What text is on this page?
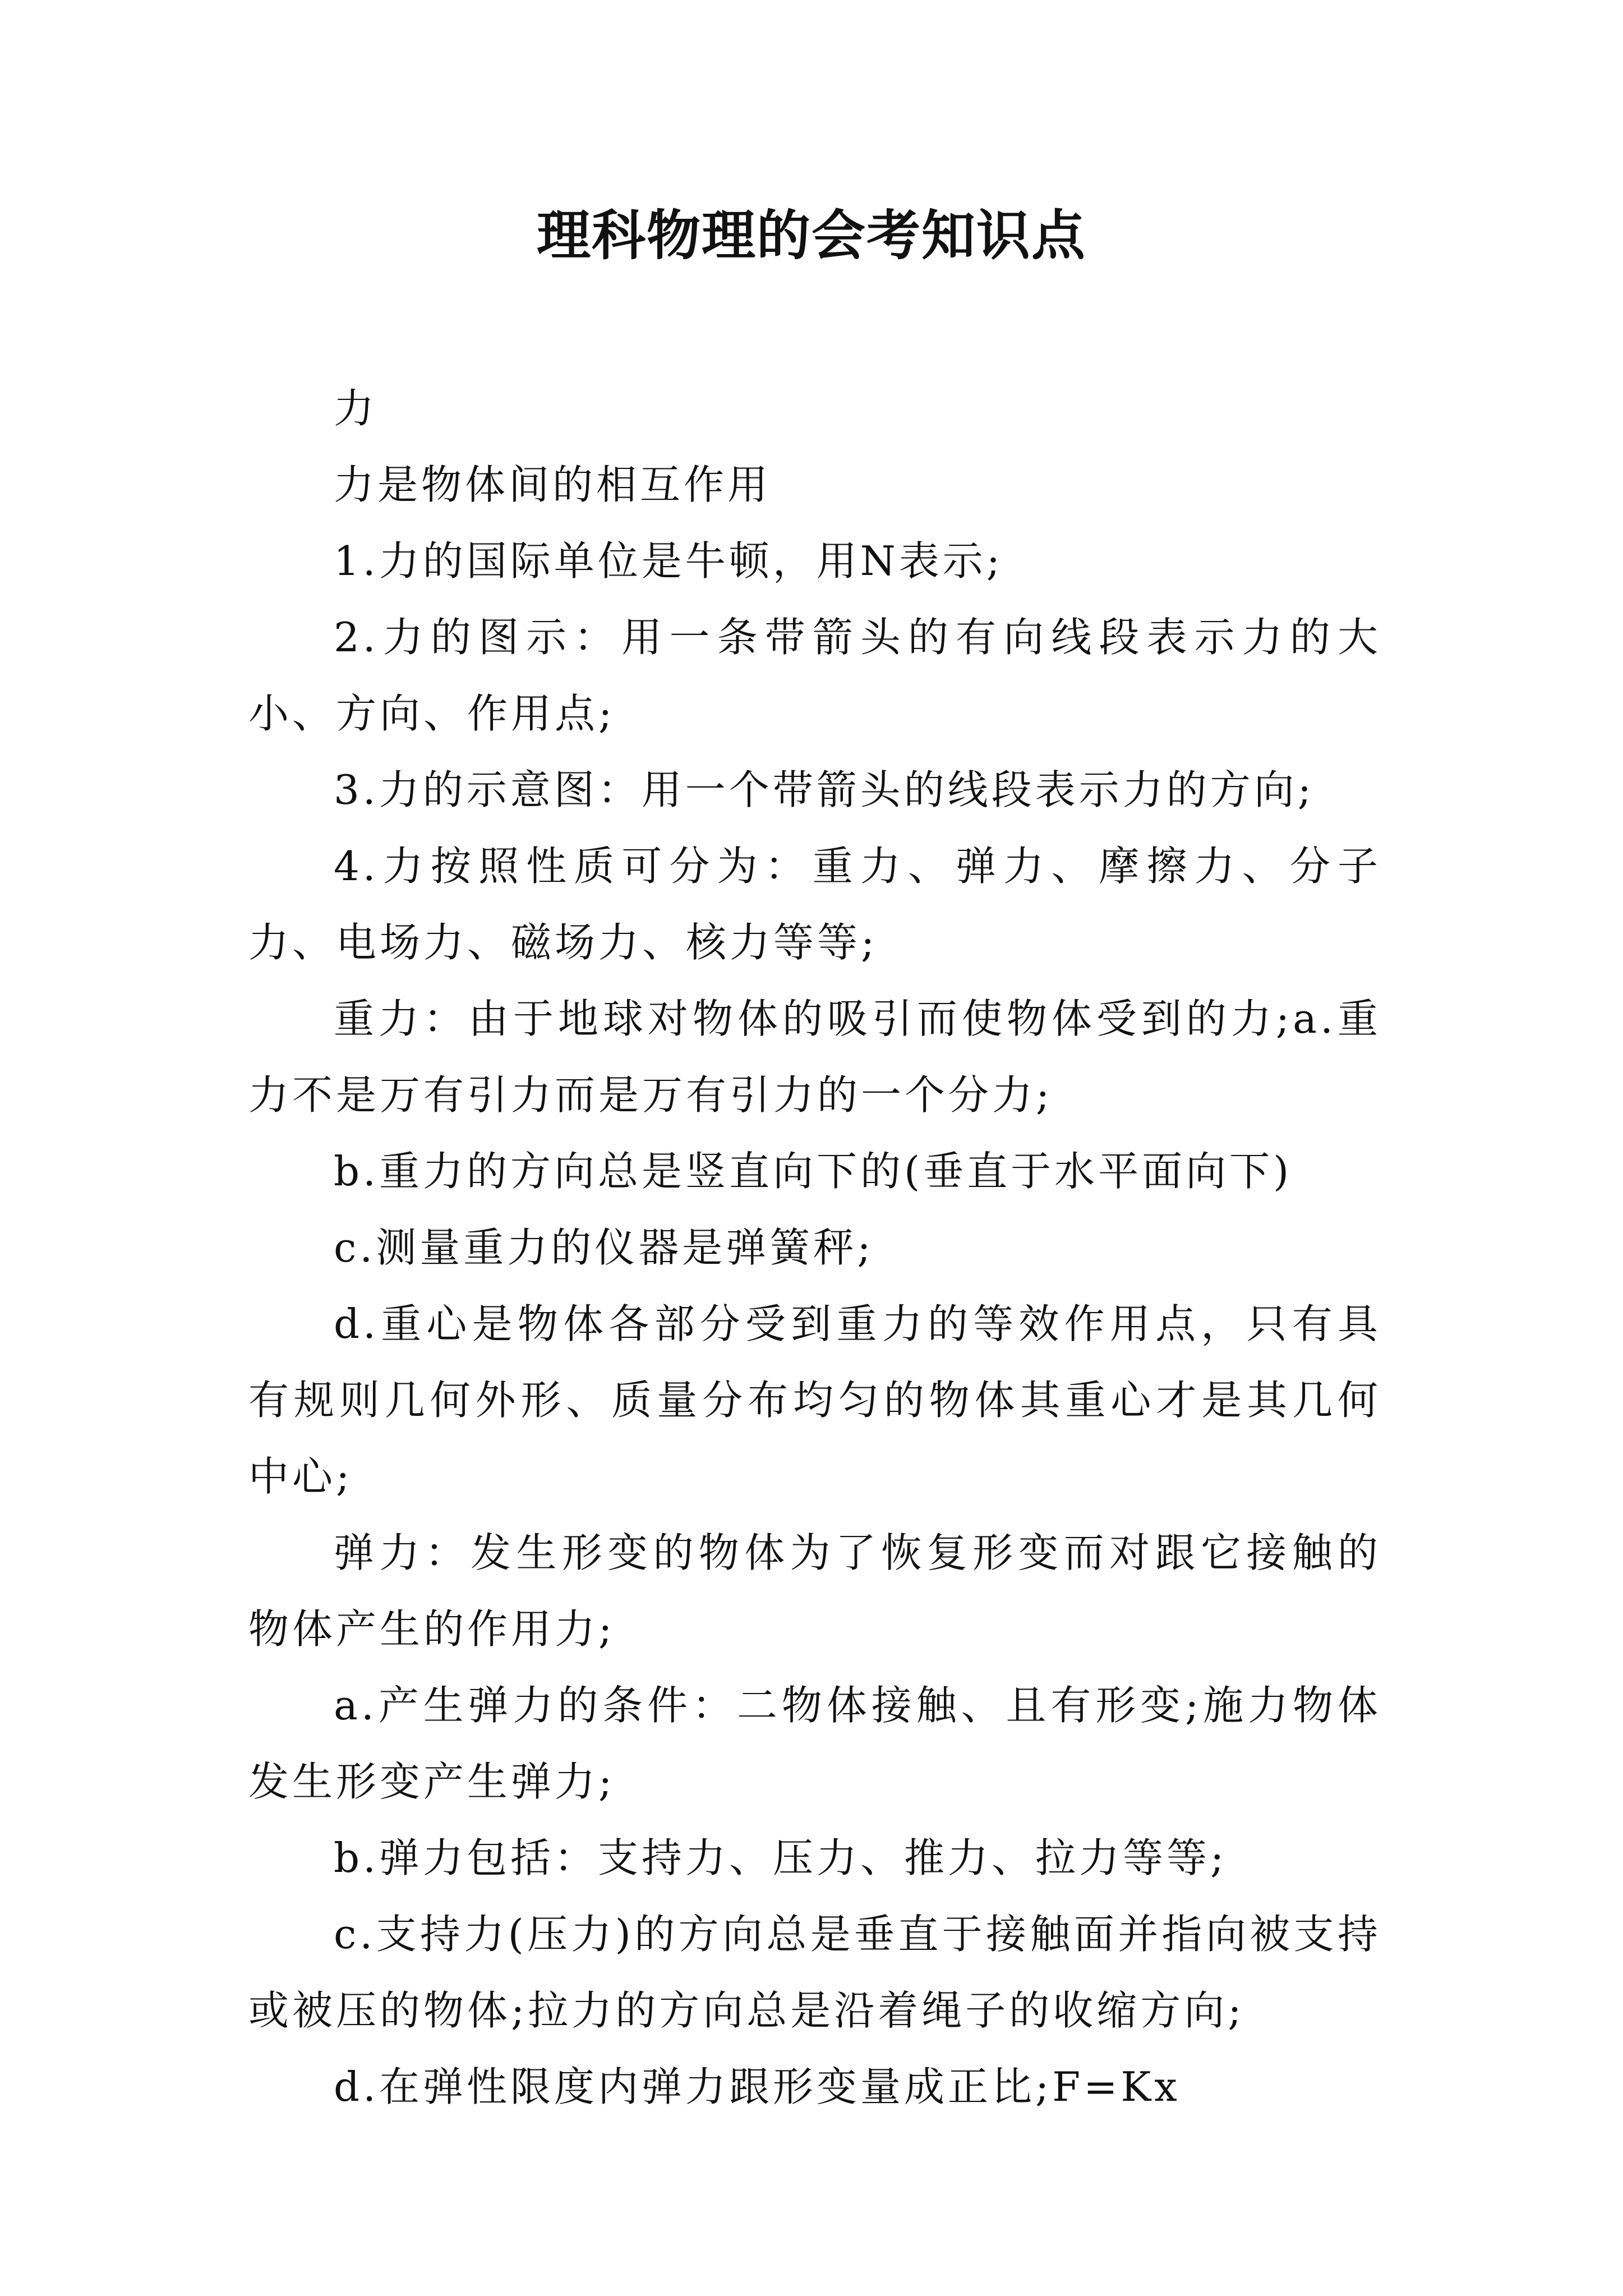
理科物理的会考知识点

力

力是物体间的相互作用

1.力的国际单位是牛顿，用N表示;

2.力的图示：用一条带箭头的有向线段表示力的大小、方向、作用点;

3.力的示意图：用一个带箭头的线段表示力的方向;

4.力按照性质可分为：重力、弹力、摩擦力、分子力、电场力、磁场力、核力等等;

重力：由于地球对物体的吸引而使物体受到的力;a.重力不是万有引力而是万有引力的一个分力;

b.重力的方向总是竖直向下的(垂直于水平面向下)

c.测量重力的仪器是弹簧秤;

d.重心是物体各部分受到重力的等效作用点，只有具有规则几何外形、质量分布均匀的物体其重心才是其几何中心;

弹力：发生形变的物体为了恢复形变而对跟它接触的物体产生的作用力;

a.产生弹力的条件：二物体接触、且有形变;施力物体发生形变产生弹力;

b.弹力包括：支持力、压力、推力、拉力等等;

c.支持力(压力)的方向总是垂直于接触面并指向被支持或被压的物体;拉力的方向总是沿着绳子的收缩方向;

d.在弹性限度内弹力跟形变量成正比;F=Kx
